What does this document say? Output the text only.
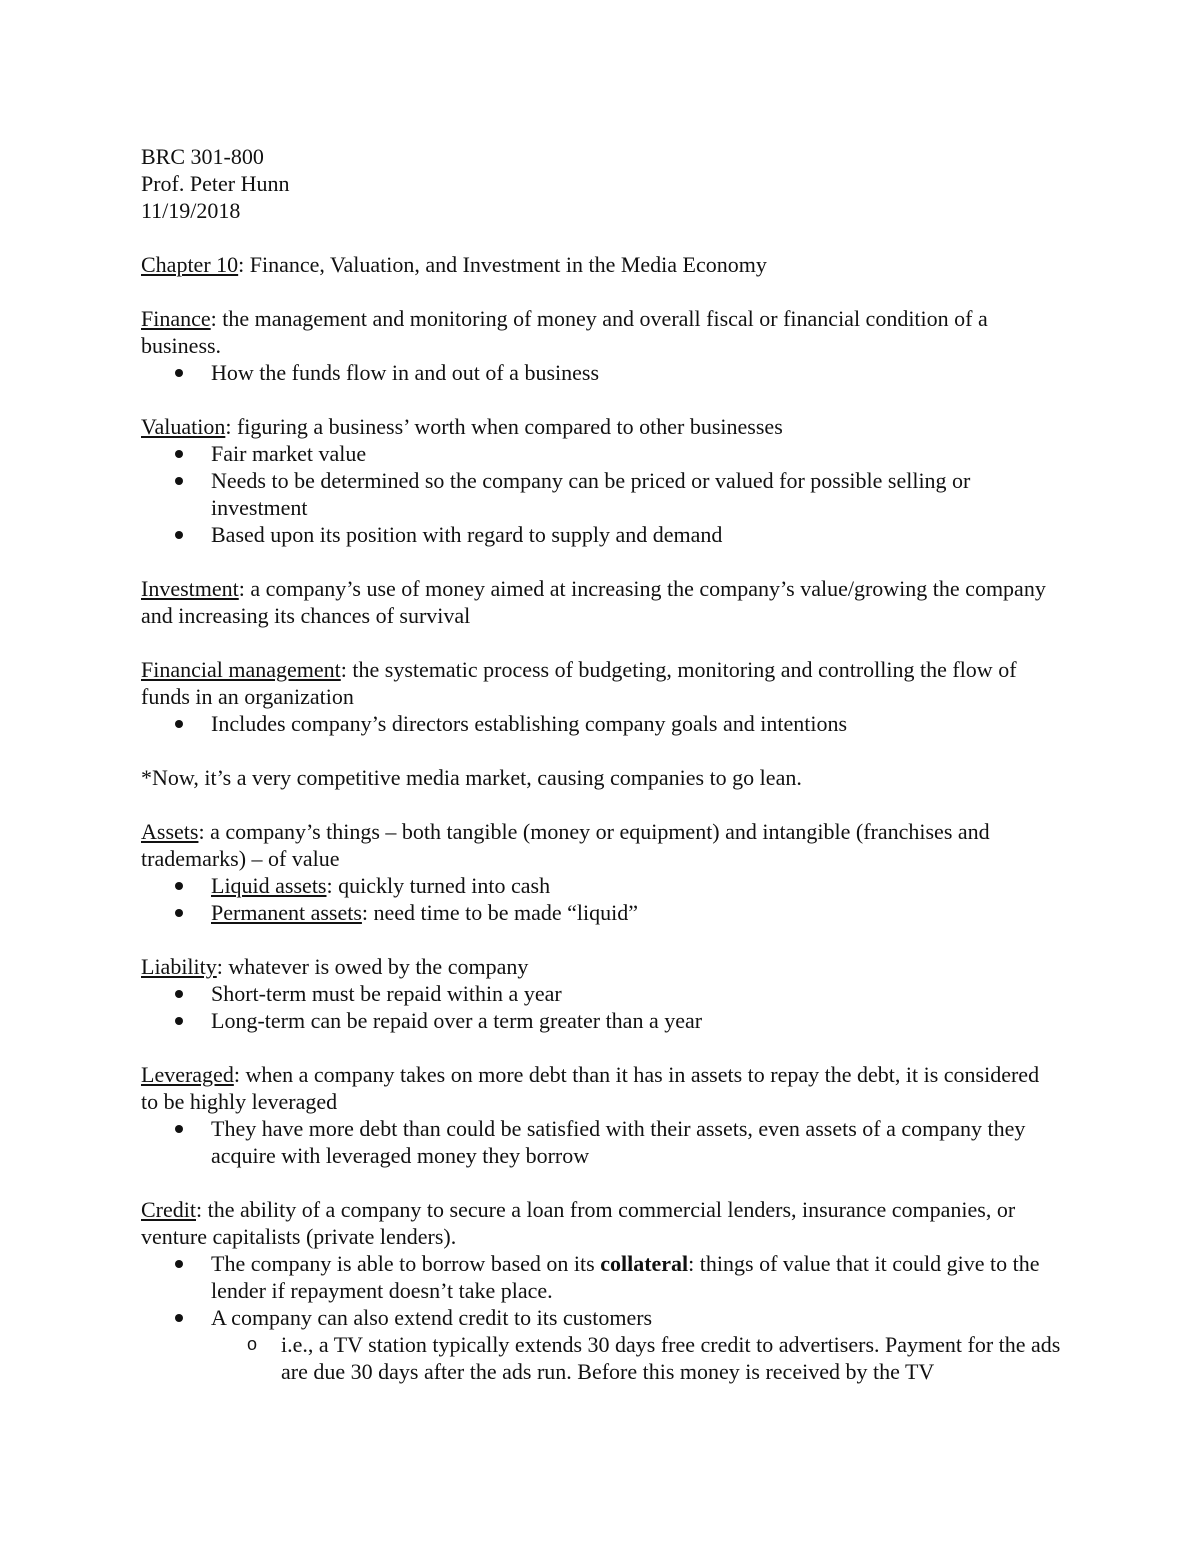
BRC 301-800

Prof. Peter Hunn

11/19/2018

Chapter 10: Finance, Valuation, and Investment in the Media Economy

Finance: the management and monitoring of money and overall fiscal or financial condition of a business.

How the funds flow in and out of a business

Valuation: figuring a business’ worth when compared to other businesses

Fair market value
Needs to be determined so the company can be priced or valued for possible selling or investment
Based upon its position with regard to supply and demand

Investment: a company’s use of money aimed at increasing the company’s value/growing the company and increasing its chances of survival

Financial management: the systematic process of budgeting, monitoring and controlling the flow of funds in an organization

Includes company’s directors establishing company goals and intentions

*Now, it’s a very competitive media market, causing companies to go lean.

Assets: a company’s things – both tangible (money or equipment) and intangible (franchises and trademarks) – of value

Liquid assets: quickly turned into cash
Permanent assets: need time to be made “liquid”

Liability: whatever is owed by the company

Short-term must be repaid within a year
Long-term can be repaid over a term greater than a year

Leveraged: when a company takes on more debt than it has in assets to repay the debt, it is considered to be highly leveraged

They have more debt than could be satisfied with their assets, even assets of a company they acquire with leveraged money they borrow

Credit: the ability of a company to secure a loan from commercial lenders, insurance companies, or venture capitalists (private lenders).

The company is able to borrow based on its collateral: things of value that it could give to the lender if repayment doesn’t take place.
A company can also extend credit to its customers
o i.e., a TV station typically extends 30 days free credit to advertisers. Payment for the ads are due 30 days after the ads run. Before this money is received by the TV
